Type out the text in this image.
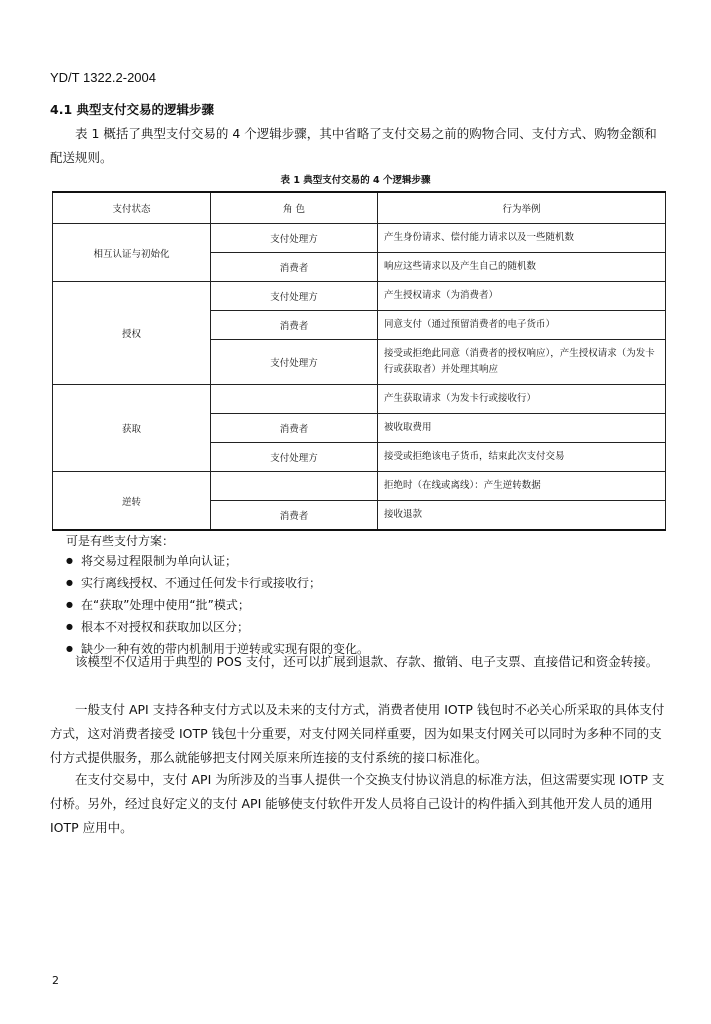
YD/T 1322.2-2004
4.1 典型支付交易的逻辑步骤
表 1 概括了典型支付交易的 4 个逻辑步骤，其中省略了支付交易之前的购物合同、支付方式、购物金额和配送规则。
表 1 典型支付交易的 4 个逻辑步骤
支付状态	角 色	行为举例
相互认证与初始化	支付处理方	产生身份请求、偿付能力请求以及一些随机数
	消费者	响应这些请求以及产生自己的随机数
授权	支付处理方	产生授权请求（为消费者）
	消费者	同意支付（通过预留消费者的电子货币）
	支付处理方	接受或拒绝此同意（消费者的授权响应），产生授权请求（为发卡行或获取者）并处理其响应
获取		产生获取请求（为发卡行或接收行）
	消费者	被收取费用
	支付处理方	接受或拒绝该电子货币，结束此次支付交易
逆转		拒绝时（在线或离线）：产生逆转数据
	消费者	接收退款
可是有些支付方案：
● 将交易过程限制为单向认证；
● 实行离线授权、不通过任何发卡行或接收行；
● 在“获取”处理中使用“批”模式；
● 根本不对授权和获取加以区分；
● 缺少一种有效的带内机制用于逆转或实现有限的变化。
该模型不仅适用于典型的 POS 支付，还可以扩展到退款、存款、撤销、电子支票、直接借记和资金转接。
一般支付 API 支持各种支付方式以及未来的支付方式，消费者使用 IOTP 钱包时不必关心所采取的具体支付方式，这对消费者接受 IOTP 钱包十分重要，对支付网关同样重要，因为如果支付网关可以同时为多种不同的支付方式提供服务，那么就能够把支付网关原来所连接的支付系统的接口标准化。
在支付交易中，支付 API 为所涉及的当事人提供一个交换支付协议消息的标准方法，但这需要实现 IOTP 支付桥。另外，经过良好定义的支付 API 能够使支付软件开发人员将自己设计的构件插入到其他开发人员的通用 IOTP 应用中。
2
